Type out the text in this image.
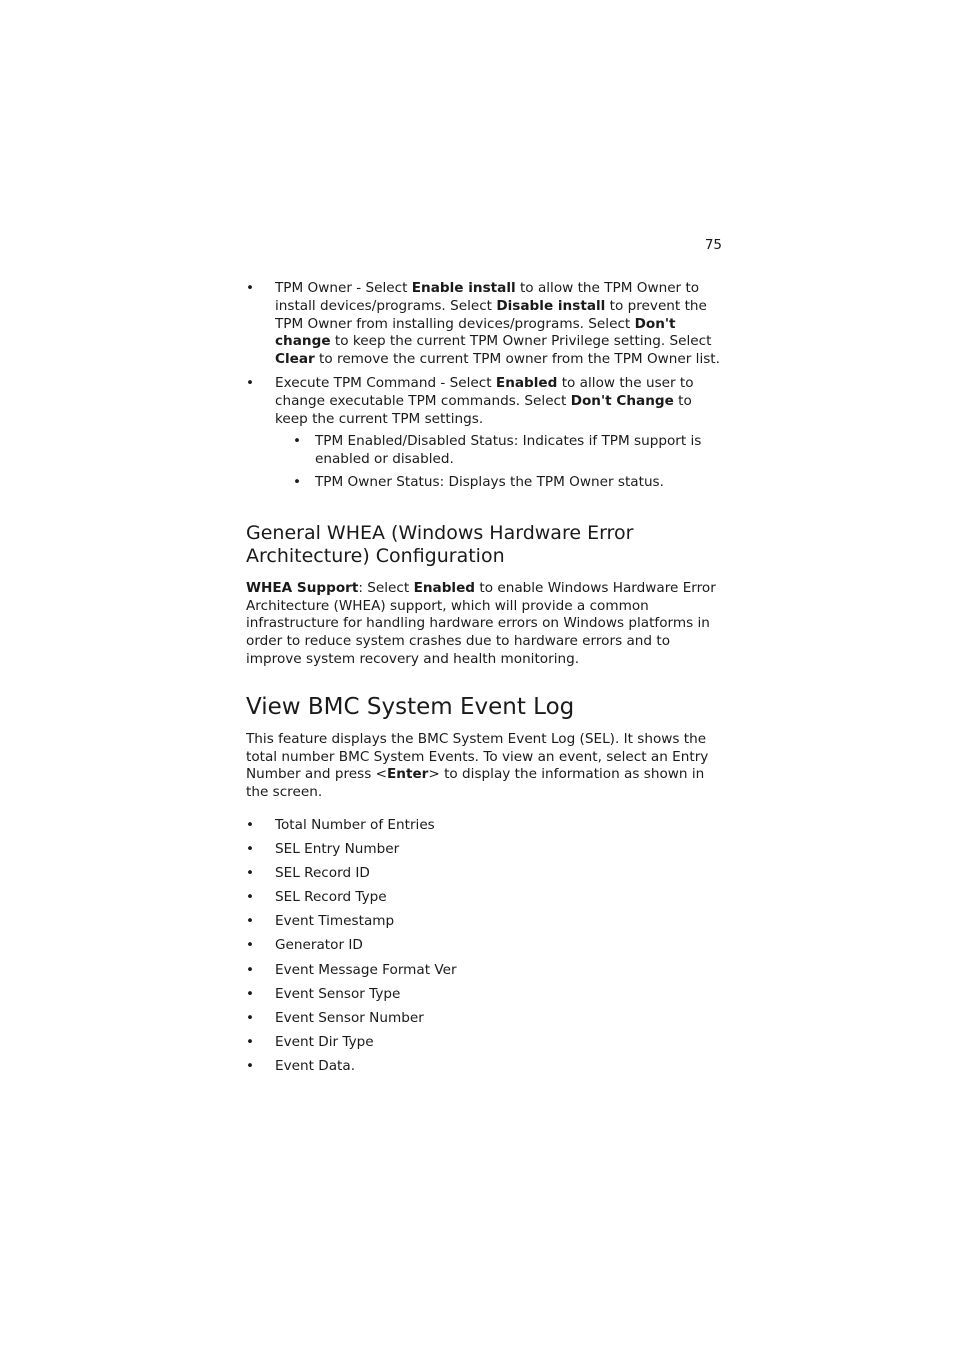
75
• TPM Owner - Select Enable install to allow the TPM Owner to install devices/programs. Select Disable install to prevent the TPM Owner from installing devices/programs. Select Don't change to keep the current TPM Owner Privilege setting. Select Clear to remove the current TPM owner from the TPM Owner list.
• Execute TPM Command - Select Enabled to allow the user to change executable TPM commands. Select Don't Change to keep the current TPM settings.
• TPM Enabled/Disabled Status: Indicates if TPM support is enabled or disabled.
• TPM Owner Status: Displays the TPM Owner status.
General WHEA (Windows Hardware Error Architecture) Configuration

WHEA Support: Select Enabled to enable Windows Hardware Error Architecture (WHEA) support, which will provide a common infrastructure for handling hardware errors on Windows platforms in order to reduce system crashes due to hardware errors and to improve system recovery and health monitoring.

View BMC System Event Log

This feature displays the BMC System Event Log (SEL). It shows the total number BMC System Events. To view an event, select an Entry Number and press <Enter> to display the information as shown in the screen.

• Total Number of Entries
• SEL Entry Number
• SEL Record ID
• SEL Record Type
• Event Timestamp
• Generator ID
• Event Message Format Ver
• Event Sensor Type
• Event Sensor Number
• Event Dir Type
• Event Data.
